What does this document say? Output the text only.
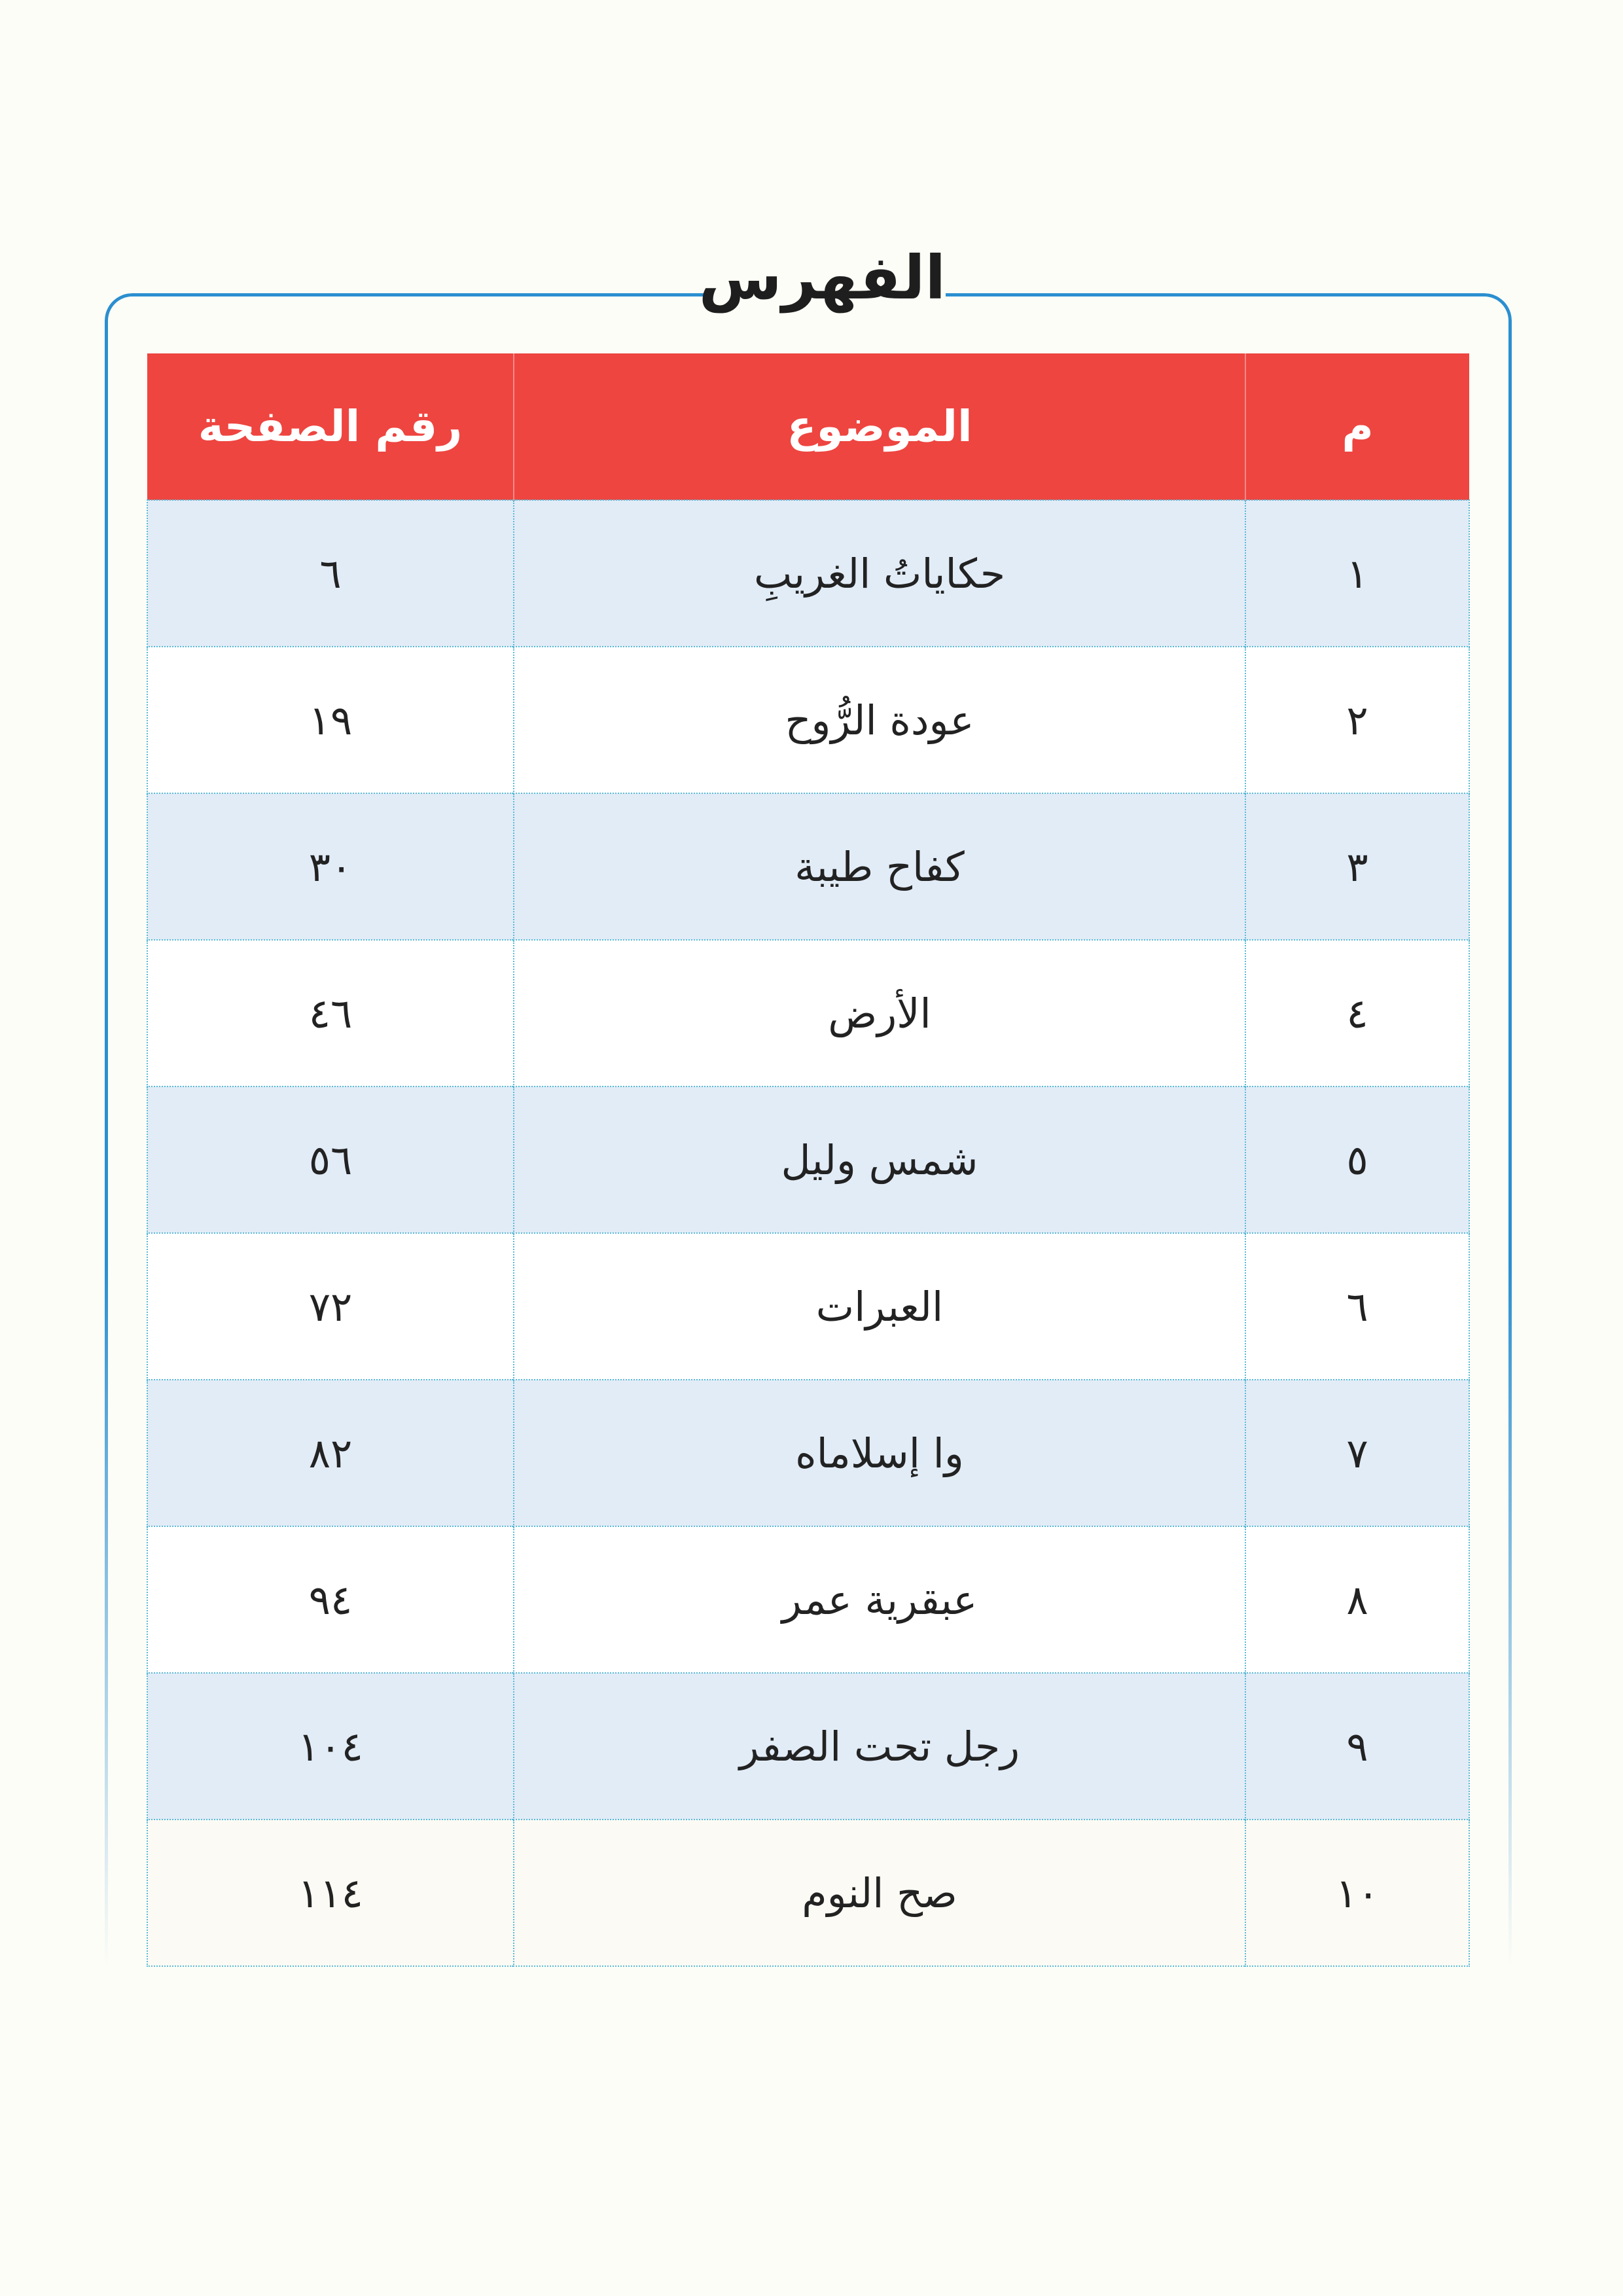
الفهرس
م	الموضوع	رقم الصفحة
١	حكاياتُ الغريبِ	٦
٢	عودة الرُّوح	١٩
٣	كفاح طيبة	٣٠
٤	الأرض	٤٦
٥	شمس وليل	٥٦
٦	العبرات	٧٢
٧	وا إسلاماه	٨٢
٨	عبقرية عمر	٩٤
٩	رجل تحت الصفر	١٠٤
١٠	صح النوم	١١٤
